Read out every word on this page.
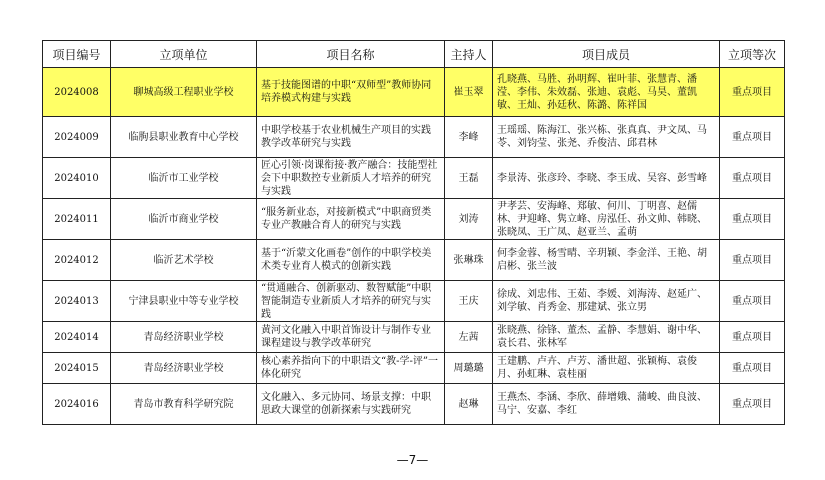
项目编号	立项单位	项目名称	主持人	项目成员	立项等次
2024008	聊城高级工程职业学校	基于技能图谱的中职“双师型”教师协同培养模式构建与实践	崔玉翠	孔晓燕、马胜、孙明辉、崔叶菲、张慧青、潘滢、李伟、朱效磊、张迪、袁彪、马昊、董凯敏、王灿、孙廷秋、陈潞、陈祥国	重点项目
2024009	临朐县职业教育中心学校	中职学校基于农业机械生产项目的实践教学改革研究与实践	李峰	王瑶瑶、陈海江、张兴栋、张真真、尹文凤、马苓、刘钧莹、张尧、乔俊洁、邱君林	重点项目
2024010	临沂市工业学校	匠心引领·岗课衔接·教产融合：技能型社会下中职数控专业新质人才培养的研究与实践	王磊	李景涛、张彦玲、李晓、李玉成、吴容、彭雪峰	重点项目
2024011	临沂市商业学校	“服务新业态，对接新模式”中职商贸类专业产教融合育人的研究与实践	刘涛	尹孝芸、安海峰、郑敏、何川、丁明喜、赵儒林、尹迎峰、隽立峰、房泓任、孙文帅、韩晓、张晓凤、王广凤、赵亚兰、孟萌	重点项目
2024012	临沂艺术学校	基于“沂蒙文化画卷”创作的中职学校美术类专业育人模式的创新实践	张琳珠	何李金蓉、杨雪晴、辛玥颖、李金洋、王艳、胡启彬、张兰波	重点项目
2024013	宁津县职业中等专业学校	“贯通融合、创新驱动、数智赋能”中职智能制造专业新质人才培养的研究与实践	王庆	徐成、刘忠伟、王茹、李媛、刘海涛、赵延广、刘学敏、肖秀金、那建斌、张立男	重点项目
2024014	青岛经济职业学校	黄河文化融入中职首饰设计与制作专业课程建设与教学改革研究	左茜	张晓燕、徐锋、董杰、孟静、李慧娟、谢中华、袁长君、张林军	重点项目
2024015	青岛经济职业学校	核心素养指向下的中职语文“教-学-评”一体化研究	周璐璐	王建鹏、卢卉、卢芳、潘世超、张颖梅、袁俊月、孙虹琳、袁桂丽	重点项目
2024016	青岛市教育科学研究院	文化融入、多元协同、场景支撑：中职思政大课堂的创新探索与实践研究	赵琳	王燕杰、李涵、李欣、薛增娥、蒲峻、曲良波、马宁、安嘉、李红	重点项目
—7—
